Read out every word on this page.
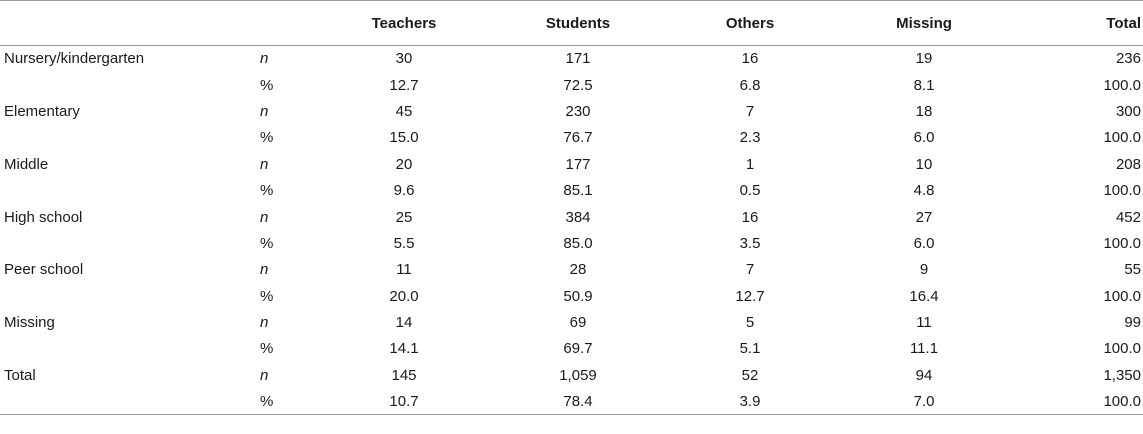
		Teachers	Students	Others	Missing	Total
Nursery/kindergarten	n	30	171	16	19	236
	%	12.7	72.5	6.8	8.1	100.0
Elementary	n	45	230	7	18	300
	%	15.0	76.7	2.3	6.0	100.0
Middle	n	20	177	1	10	208
	%	9.6	85.1	0.5	4.8	100.0
High school	n	25	384	16	27	452
	%	5.5	85.0	3.5	6.0	100.0
Peer school	n	11	28	7	9	55
	%	20.0	50.9	12.7	16.4	100.0
Missing	n	14	69	5	11	99
	%	14.1	69.7	5.1	11.1	100.0
Total	n	145	1,059	52	94	1,350
	%	10.7	78.4	3.9	7.0	100.0
